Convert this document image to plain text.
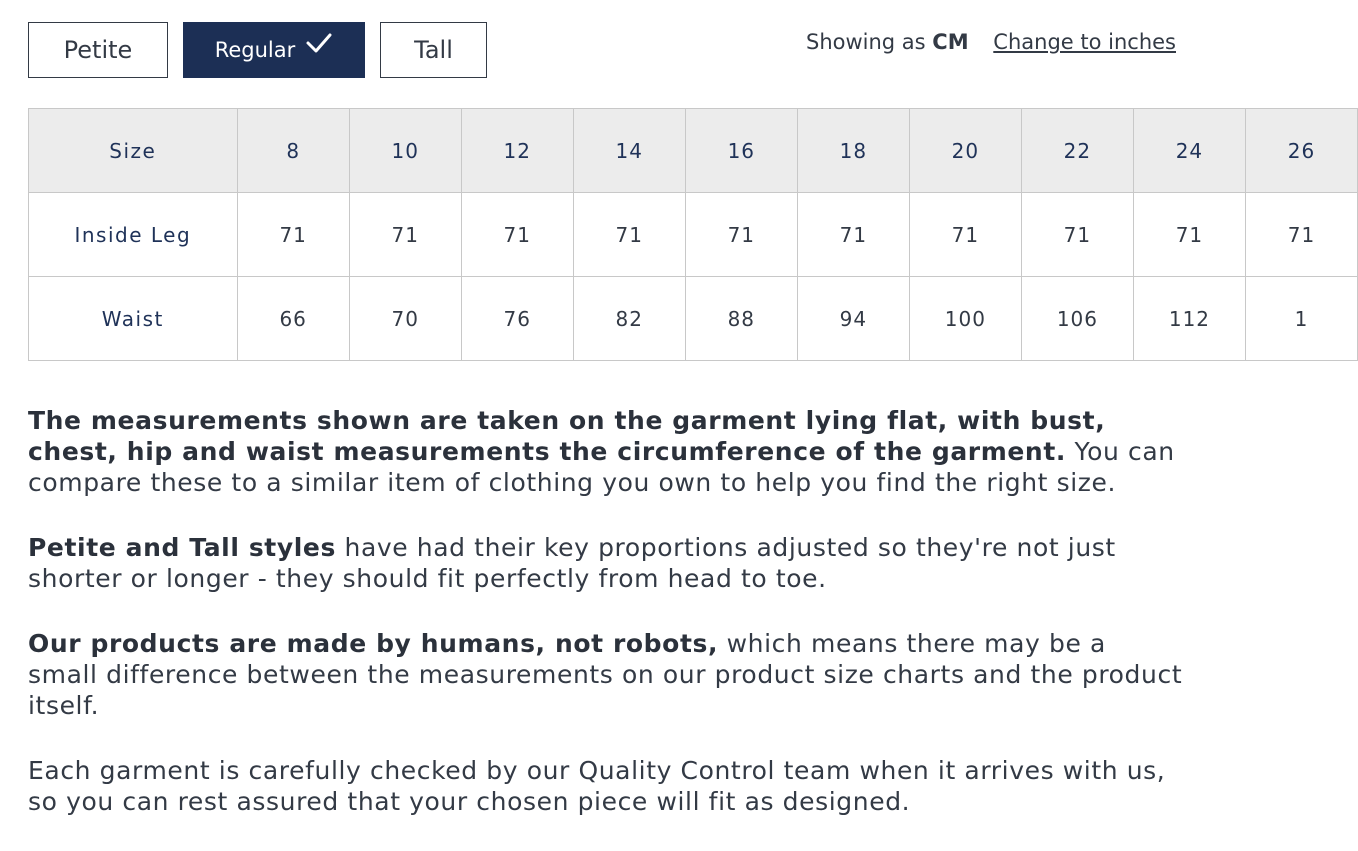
Petite	Regular	Tall	Showing as CM Change to inches
Size	8	10	12	14	16	18	20	22	24	26
Inside Leg	71	71	71	71	71	71	71	71	71	71
Waist	66	70	76	82	88	94	100	106	112	1

The measurements shown are taken on the garment lying flat, with bust, chest, hip and waist measurements the circumference of the garment. You can compare these to a similar item of clothing you own to help you find the right size.

Petite and Tall styles have had their key proportions adjusted so they're not just shorter or longer - they should fit perfectly from head to toe.

Our products are made by humans, not robots, which means there may be a small difference between the measurements on our product size charts and the product itself.

Each garment is carefully checked by our Quality Control team when it arrives with us, so you can rest assured that your chosen piece will fit as designed.
